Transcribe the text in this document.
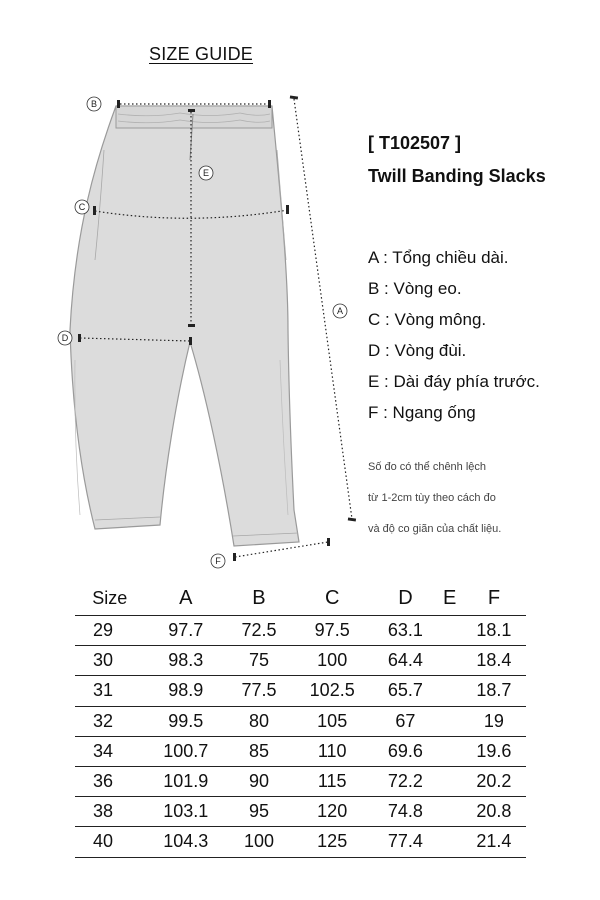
SIZE GUIDE
B
E
C
A
D
F
[ T102507 ]
Twill Banding Slacks
A : Tổng chiều dài.
B : Vòng eo.
C : Vòng mông.
D : Vòng đùi.
E : Dài đáy phía trước.
F : Ngang ống
Số đo có thể chênh lệch
từ 1-2cm tùy theo cách đo
và độ co giãn của chất liệu.
Size	A	B	C	D	E	F
29	97.7	72.5	97.5	63.1		18.1
30	98.3	75	100	64.4		18.4
31	98.9	77.5	102.5	65.7		18.7
32	99.5	80	105	67		19
34	100.7	85	110	69.6		19.6
36	101.9	90	115	72.2		20.2
38	103.1	95	120	74.8		20.8
40	104.3	100	125	77.4		21.4
